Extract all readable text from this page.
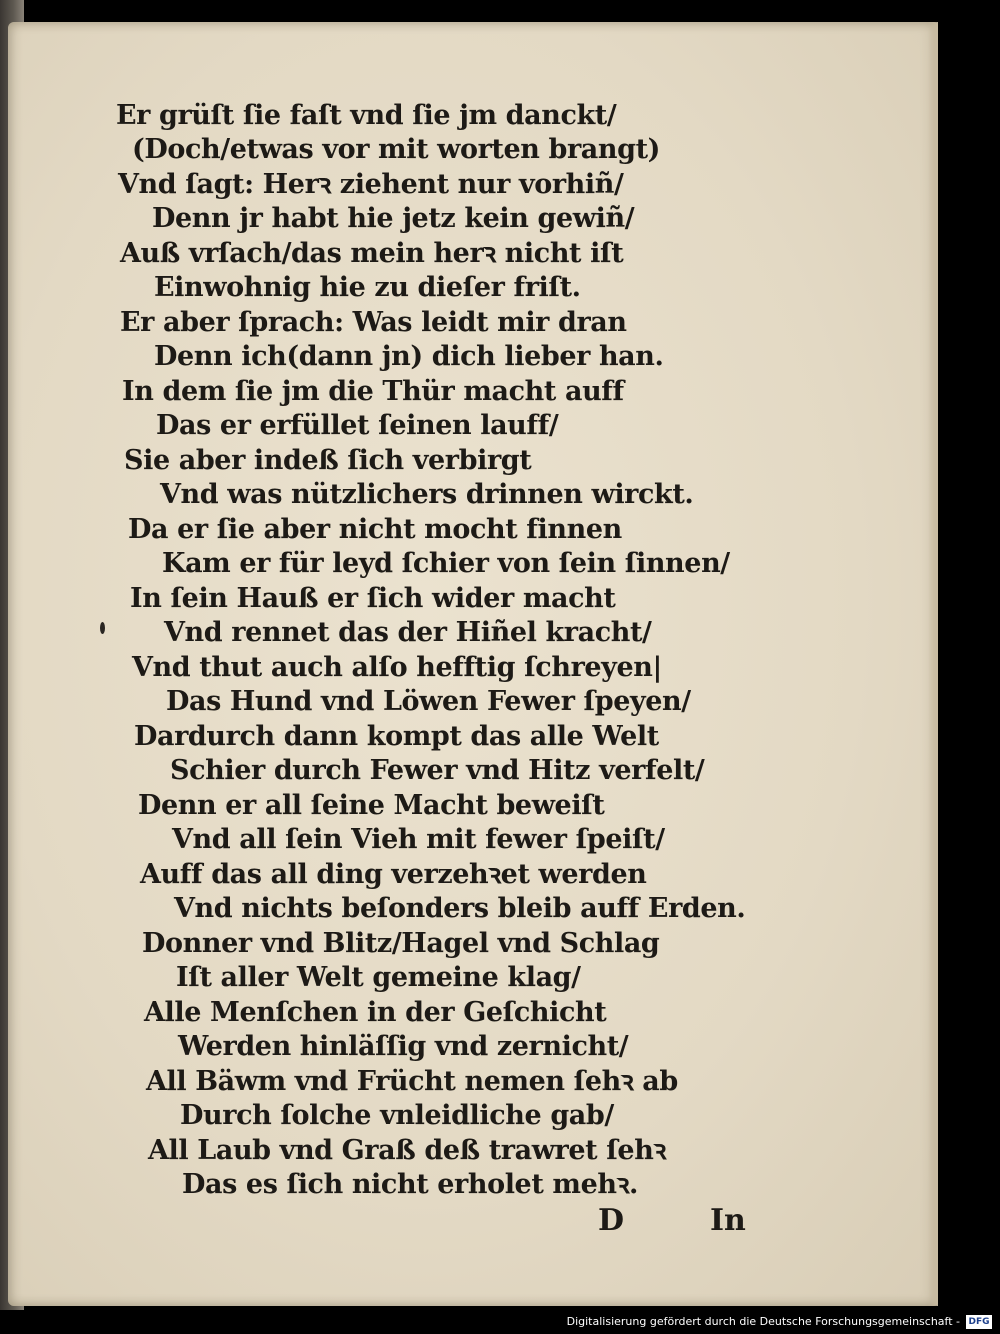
Er grüſt ſie faſt vnd ſie jm danckt/
(Doch/etwas vor mit worten brangt)
Vnd ſagt: Herꝛ ziehent nur vorhiñ/
Denn jr habt hie jetz kein gewiñ/
Auß vrſach/das mein herꝛ nicht iſt
Einwohnig hie zu dieſer friſt.
Er aber ſprach: Was leidt mir dran
Denn ich(dann jn) dich lieber han.
In dem ſie jm die Thür macht auff
Das er erfüllet ſeinen lauff/
Sie aber indeß ſich verbirgt
Vnd was nützlichers drinnen wirckt.
Da er ſie aber nicht mocht finnen
Kam er für leyd ſchier von ſein ſinnen/
In ſein Hauß er ſich wider macht
Vnd rennet das der Hiñel kracht/
Vnd thut auch alſo hefftig ſchreyen|
Das Hund vnd Löwen Fewer ſpeyen/
Dardurch dann kompt das alle Welt
Schier durch Fewer vnd Hitz verfelt/
Denn er all ſeine Macht beweiſt
Vnd all ſein Vieh mit fewer ſpeiſt/
Auff das all ding verzehꝛet werden
Vnd nichts beſonders bleib auff Erden.
Donner vnd Blitz/Hagel vnd Schlag
Iſt aller Welt gemeine klag/
Alle Menſchen in der Geſchicht
Werden hinläſſig vnd zernicht/
All Bäwm vnd Frücht nemen ſehꝛ ab
Durch ſolche vnleidliche gab/
All Laub vnd Graß deß trawret ſehꝛ
Das es ſich nicht erholet mehꝛ.
D	In
Digitalisierung gefördert durch die Deutsche Forschungsgemeinschaft - DFG
